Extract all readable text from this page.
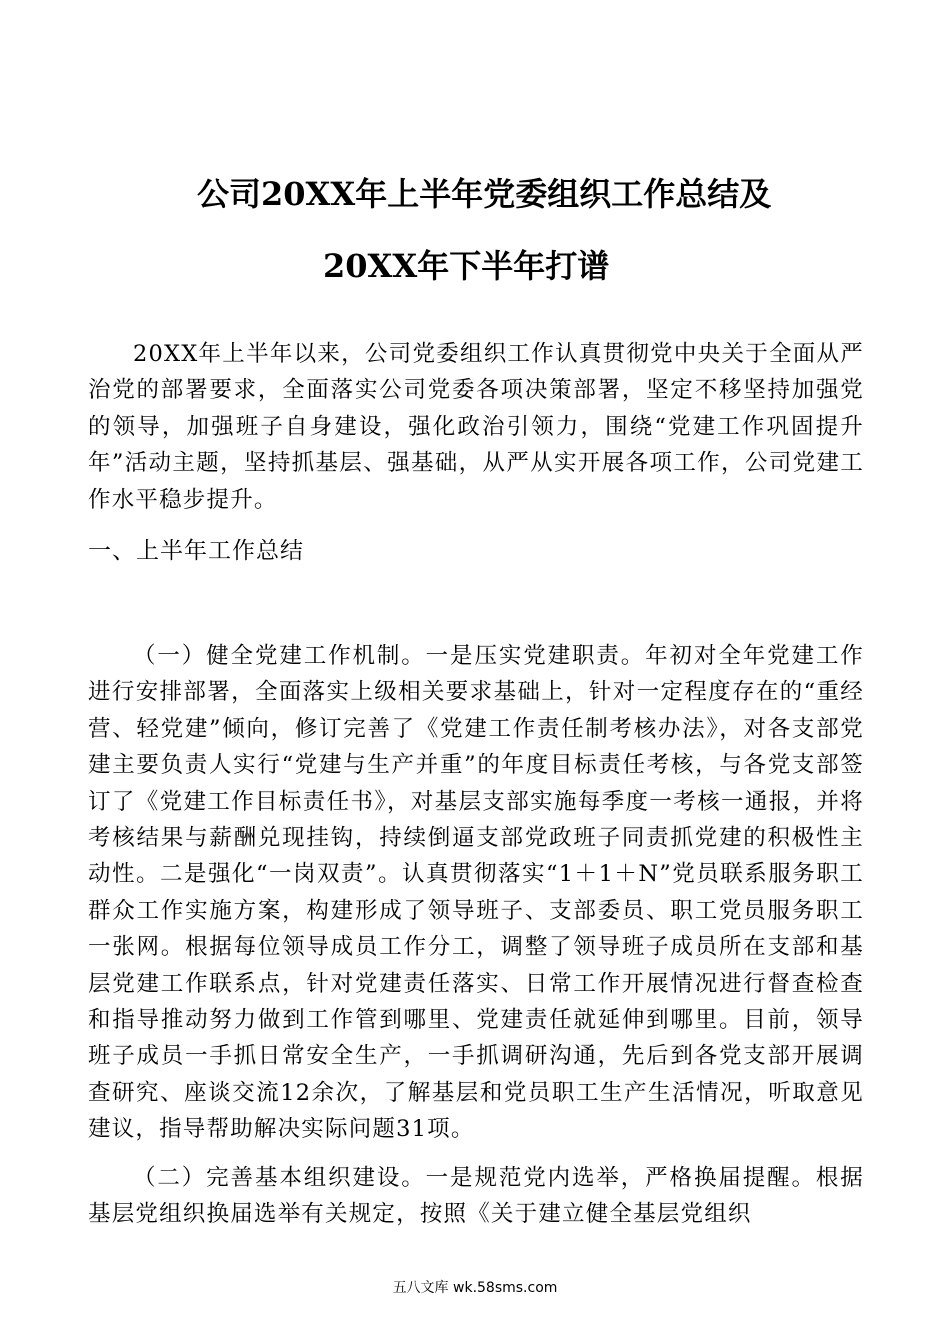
公司20XX年上半年党委组织工作总结及
20XX年下半年打谱

20XX年上半年以来，公司党委组织工作认真贯彻党中央关于全面从严治党的部署要求，全面落实公司党委各项决策部署，坚定不移坚持加强党的领导，加强班子自身建设，强化政治引领力，围绕“党建工作巩固提升年”活动主题，坚持抓基层、强基础，从严从实开展各项工作，公司党建工作水平稳步提升。

一、上半年工作总结

（一）健全党建工作机制。一是压实党建职责。年初对全年党建工作进行安排部署，全面落实上级相关要求基础上，针对一定程度存在的“重经营、轻党建”倾向，修订完善了《党建工作责任制考核办法》，对各支部党建主要负责人实行“党建与生产并重”的年度目标责任考核，与各党支部签订了《党建工作目标责任书》，对基层支部实施每季度一考核一通报，并将考核结果与薪酬兑现挂钩，持续倒逼支部党政班子同责抓党建的积极性主动性。二是强化“一岗双责”。认真贯彻落实“1＋1＋N”党员联系服务职工群众工作实施方案，构建形成了领导班子、支部委员、职工党员服务职工一张网。根据每位领导成员工作分工，调整了领导班子成员所在支部和基层党建工作联系点，针对党建责任落实、日常工作开展情况进行督查检查和指导推动努力做到工作管到哪里、党建责任就延伸到哪里。目前，领导班子成员一手抓日常安全生产，一手抓调研沟通，先后到各党支部开展调查研究、座谈交流12余次，了解基层和党员职工生产生活情况，听取意见建议，指导帮助解决实际问题31项。

（二）完善基本组织建设。一是规范党内选举，严格换届提醒。根据基层党组织换届选举有关规定，按照《关于建立健全基层党组织

五八文库 wk.58sms.com
